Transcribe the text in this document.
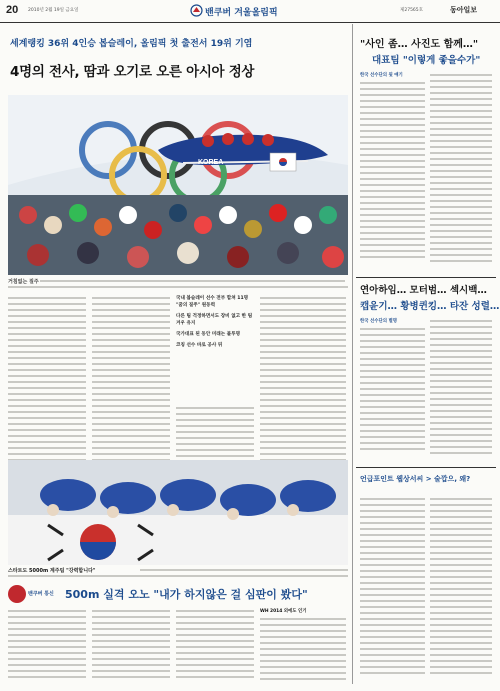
20 2010년 2월 19일 금요일	밴쿠버 겨울올림픽	제27565호	동아일보
세계랭킹 36위 4인승 봅슬레이, 올림픽 첫 출전서 19위 기염
4명의 전사, 땀과 오기로 오른 아시아 정상
KOREA
거침없는 질주
국내 봅슬레이 선수 전부 합쳐 11명 "꿈의 질주" 원동력
다른 팀 걱정하면서도 장비 없고 한 팀 겨우 유지
국가대표 된 동안 미래는 불투명
코칭 선수 바로 공사 뒤
스타트도 5000m 계주팀 "강력합니다"
밴쿠버 통신 500m 실격 오노 "내가 하지않은 걸 심판이 봤다"
WH 2014 외에도 인기
"사인 좀… 사진도 함께…"
대표팀 "이렇게 좋을수가"
한국 선수단의 뒷 얘기
연아하임… 모터범… 섹시백…
캡윤기… 황병퀸킹… 타잔 성렬…
한국 선수단의 별명
언급포인트 웹상서씨 > 술깝으, 왜?
